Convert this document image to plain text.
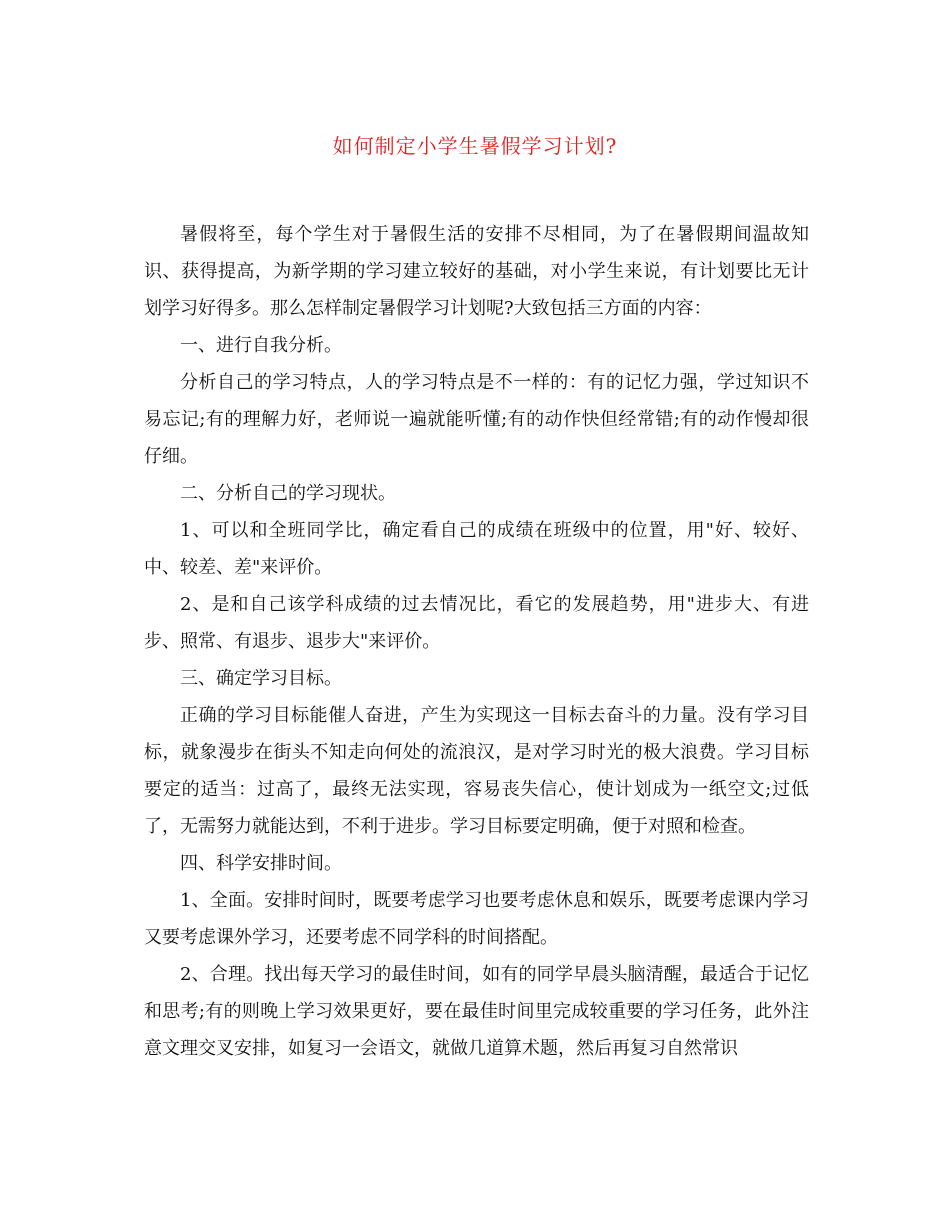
如何制定小学生暑假学习计划?

暑假将至，每个学生对于暑假生活的安排不尽相同，为了在暑假期间温故知识、获得提高，为新学期的学习建立较好的基础，对小学生来说，有计划要比无计划学习好得多。那么怎样制定暑假学习计划呢?大致包括三方面的内容：

一、进行自我分析。

分析自己的学习特点，人的学习特点是不一样的：有的记忆力强，学过知识不易忘记;有的理解力好，老师说一遍就能听懂;有的动作快但经常错;有的动作慢却很仔细。

二、分析自己的学习现状。

1、可以和全班同学比，确定看自己的成绩在班级中的位置，用"好、较好、中、较差、差"来评价。

2、是和自己该学科成绩的过去情况比，看它的发展趋势，用"进步大、有进步、照常、有退步、退步大"来评价。

三、确定学习目标。

正确的学习目标能催人奋进，产生为实现这一目标去奋斗的力量。没有学习目标，就象漫步在街头不知走向何处的流浪汉，是对学习时光的极大浪费。学习目标要定的适当：过高了，最终无法实现，容易丧失信心，使计划成为一纸空文;过低了，无需努力就能达到，不利于进步。学习目标要定明确，便于对照和检查。

四、科学安排时间。

1、全面。安排时间时，既要考虑学习也要考虑休息和娱乐，既要考虑课内学习又要考虑课外学习，还要考虑不同学科的时间搭配。

2、合理。找出每天学习的最佳时间，如有的同学早晨头脑清醒，最适合于记忆和思考;有的则晚上学习效果更好，要在最佳时间里完成较重要的学习任务，此外注意文理交叉安排，如复习一会语文，就做几道算术题，然后再复习自然常识
